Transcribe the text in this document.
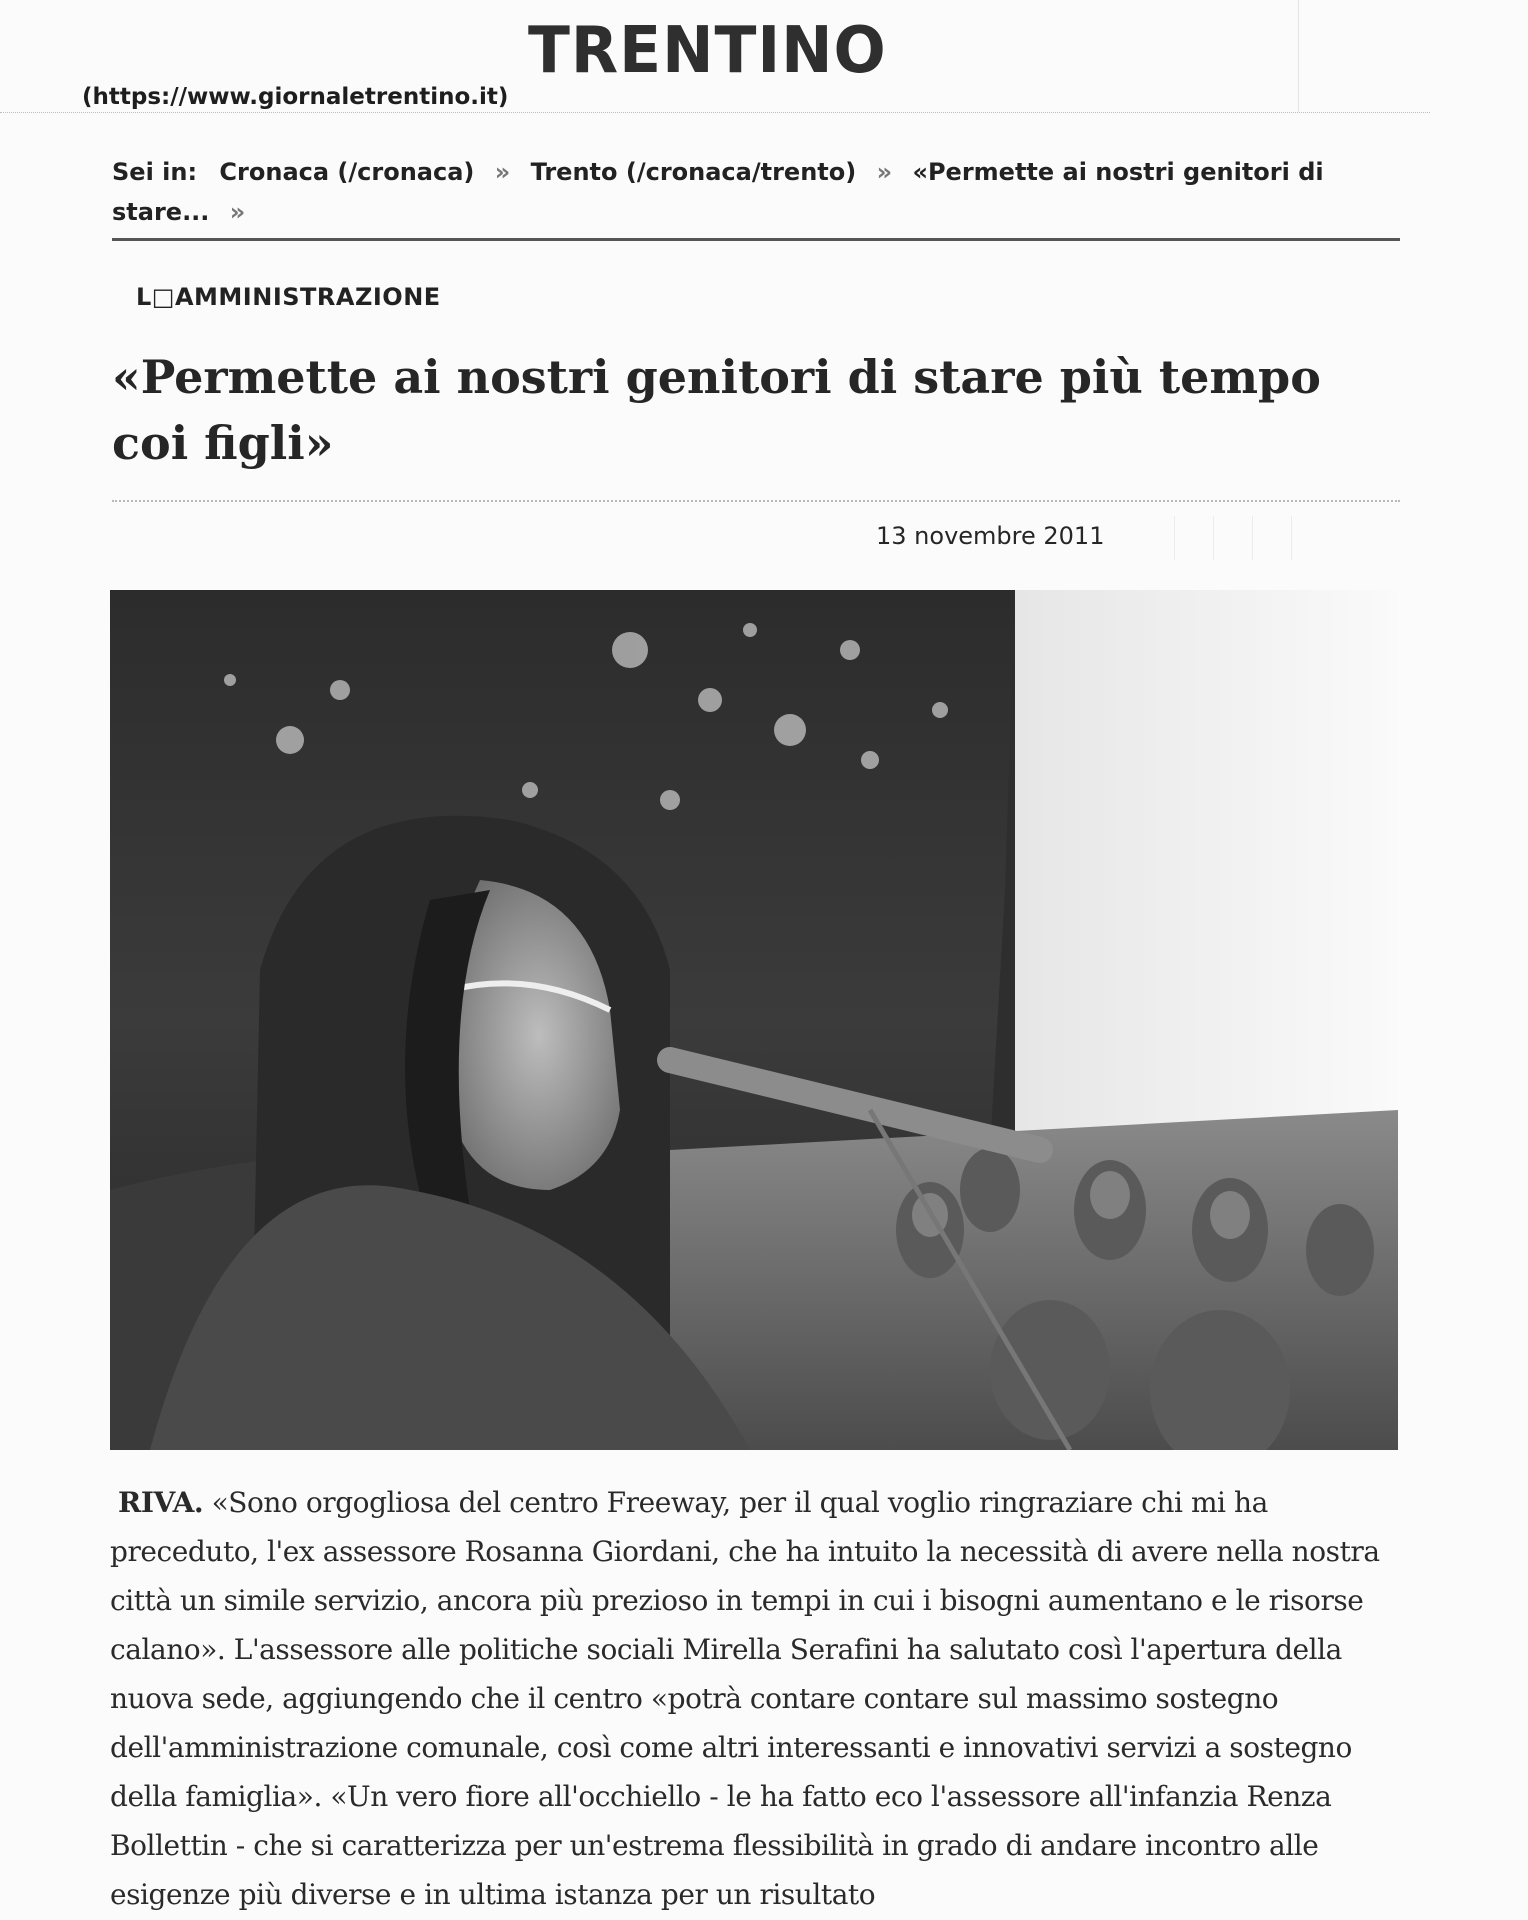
TRENTINO
(https://www.giornaletrentino.it)
Sei in: Cronaca (/cronaca) » Trento (/cronaca/trento) » «Permette ai nostri genitori di stare... »
L□AMMINISTRAZIONE
«Permette ai nostri genitori di stare più tempo coi figli»
13 novembre 2011

RIVA. «Sono orgogliosa del centro Freeway, per il qual voglio ringraziare chi mi ha preceduto, l'ex assessore Rosanna Giordani, che ha intuito la necessità di avere nella nostra città un simile servizio, ancora più prezioso in tempi in cui i bisogni aumentano e le risorse calano». L'assessore alle politiche sociali Mirella Serafini ha salutato così l'apertura della nuova sede, aggiungendo che il centro «potrà contare contare sul massimo sostegno dell'amministrazione comunale, così come altri interessanti e innovativi servizi a sostegno della famiglia». «Un vero fiore all'occhiello - le ha fatto eco l'assessore all'infanzia Renza Bollettin - che si caratterizza per un'estrema flessibilità in grado di andare incontro alle esigenze più diverse e in ultima istanza per un risultato
